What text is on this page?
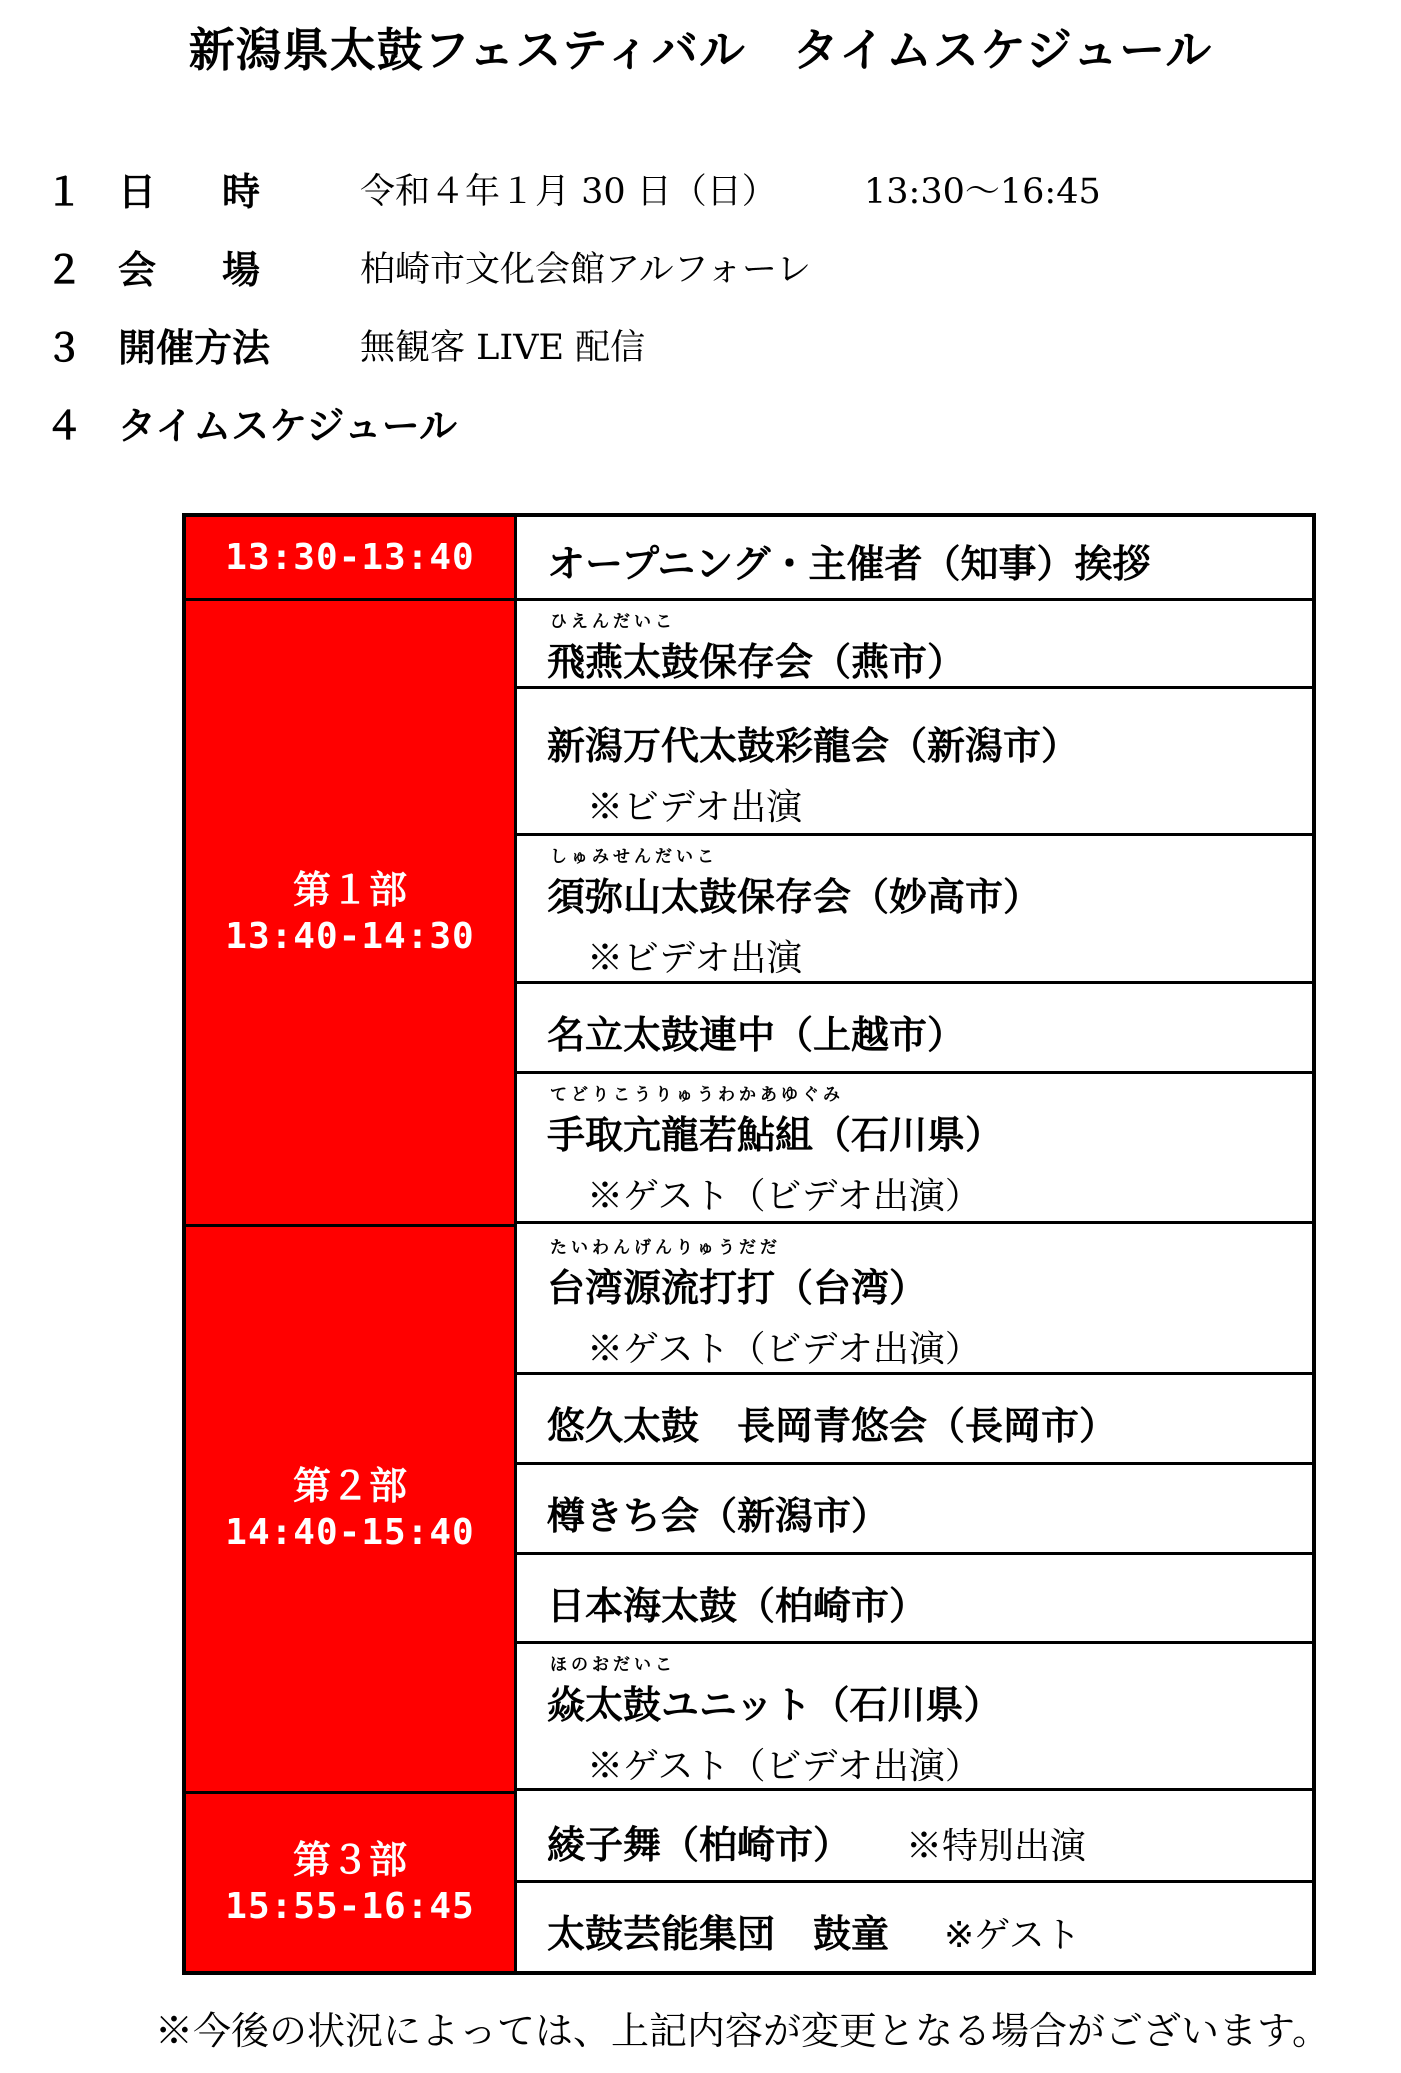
新潟県太鼓フェスティバル　タイムスケジュール
１ 日時 令和４年１月 30 日（日） 13:30〜16:45
２ 会場 柏崎市文化会館アルフォーレ
３ 開催方法	無観客 LIVE 配信
４ タイムスケジュール
13:30-13:40 オープニング・主催者（知事）挨拶
第１部
13:40-14:30
ひえんだいこ
飛燕太鼓保存会（燕市）
新潟万代太鼓彩龍会（新潟市）
※ビデオ出演
しゅみせんだいこ
須弥山太鼓保存会（妙高市）
※ビデオ出演
名立太鼓連中（上越市）
てどりこうりゅうわかあゆぐみ
手取亢龍若鮎組（石川県）
※ゲスト（ビデオ出演）
第２部
14:40-15:40
たいわんげんりゅうだだ
台湾源流打打（台湾）
※ゲスト（ビデオ出演）
悠久太鼓　長岡青悠会（長岡市）
樽きち会（新潟市）
日本海太鼓（柏崎市）
ほのおだいこ
焱太鼓ユニット（石川県）
※ゲスト（ビデオ出演）
第３部
15:55-16:45
綾子舞（柏崎市） ※特別出演
太鼓芸能集団　鼓童 ※ゲスト
※今後の状況によっては、上記内容が変更となる場合がございます。
